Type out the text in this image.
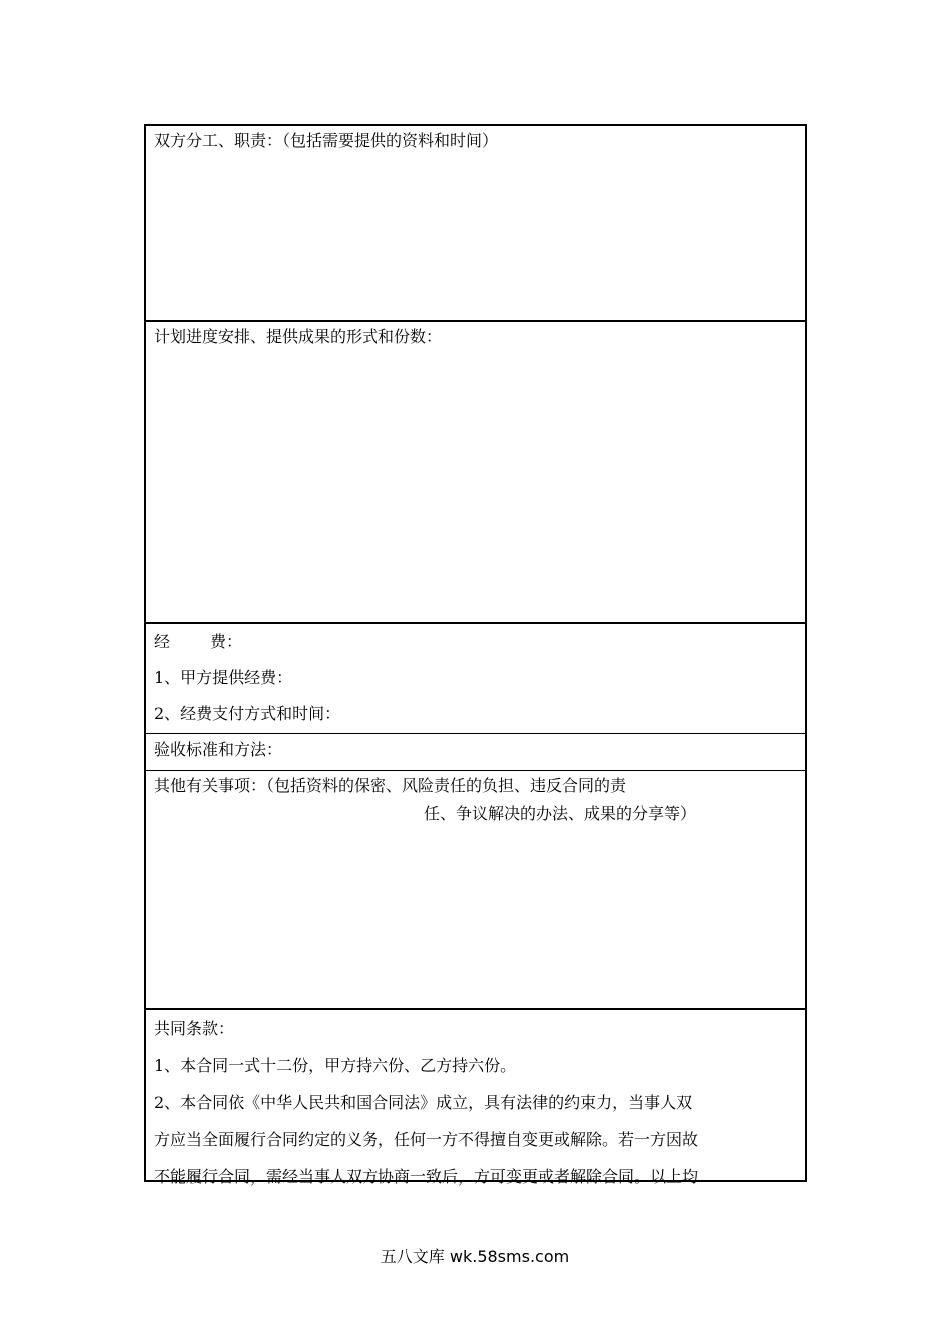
双方分工、职责：（包括需要提供的资料和时间）
计划进度安排、提供成果的形式和份数：
经	费：
1、甲方提供经费：
2、经费支付方式和时间：
验收标准和方法：
其他有关事项：（包括资料的保密、风险责任的负担、违反合同的责
任、争议解决的办法、成果的分享等）
共同条款：
1、本合同一式十二份，甲方持六份、乙方持六份。
2、本合同依《中华人民共和国合同法》成立，具有法律的约束力，当事人双
方应当全面履行合同约定的义务，任何一方不得擅自变更或解除。若一方因故
不能履行合同，需经当事人双方协商一致后，方可变更或者解除合同。以上均
五八文库 wk.58sms.com
